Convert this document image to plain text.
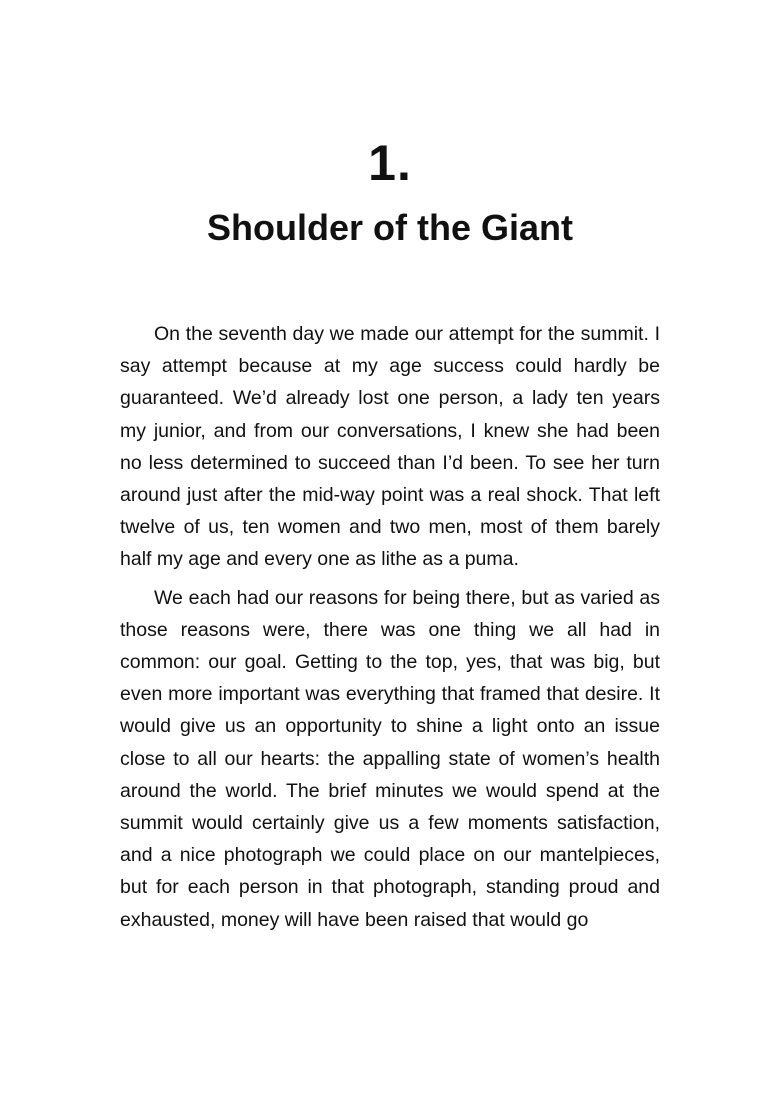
1.
Shoulder of the Giant

On the seventh day we made our attempt for the summit. I say attempt because at my age success could hardly be guaranteed. We’d already lost one person, a lady ten years my junior, and from our conversations, I knew she had been no less determined to succeed than I’d been. To see her turn around just after the mid-way point was a real shock. That left twelve of us, ten women and two men, most of them barely half my age and every one as lithe as a puma.

We each had our reasons for being there, but as varied as those reasons were, there was one thing we all had in common: our goal. Getting to the top, yes, that was big, but even more important was everything that framed that desire. It would give us an opportunity to shine a light onto an issue close to all our hearts: the appalling state of women’s health around the world. The brief minutes we would spend at the summit would certainly give us a few moments satisfaction, and a nice photograph we could place on our mantelpieces, but for each person in that photograph, standing proud and exhausted, money will have been raised that would go
